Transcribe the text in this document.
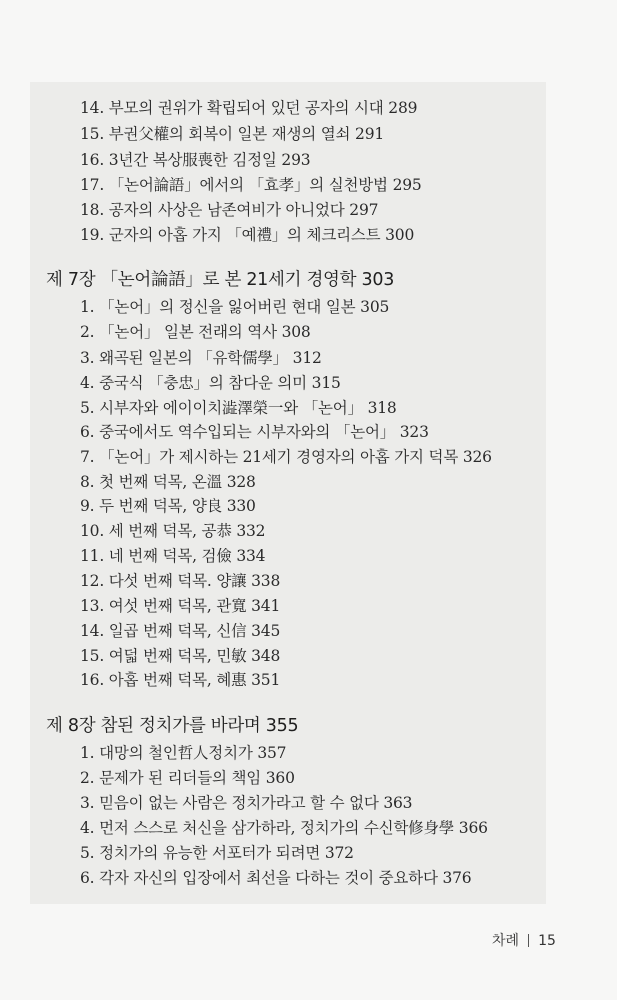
14. 부모의 권위가 확립되어 있던 공자의 시대 289
15. 부권父權의 회복이 일본 재생의 열쇠 291
16. 3년간 복상服喪한 김정일 293
17. 「논어論語」에서의 「효孝」의 실천방법 295
18. 공자의 사상은 남존여비가 아니었다 297
19. 군자의 아홉 가지 「예禮」의 체크리스트 300
제 7장 「논어論語」로 본 21세기 경영학 303
1. 「논어」의 정신을 잃어버린 현대 일본 305
2. 「논어」 일본 전래의 역사 308
3. 왜곡된 일본의 「유학儒學」 312
4. 중국식 「충忠」의 참다운 의미 315
5. 시부자와 에이이치澁澤榮一와 「논어」 318
6. 중국에서도 역수입되는 시부자와의 「논어」 323
7. 「논어」가 제시하는 21세기 경영자의 아홉 가지 덕목 326
8. 첫 번째 덕목, 온溫 328
9. 두 번째 덕목, 양良 330
10. 세 번째 덕목, 공恭 332
11. 네 번째 덕목, 검儉 334
12. 다섯 번째 덕목. 양讓 338
13. 여섯 번째 덕목, 관寬 341
14. 일곱 번째 덕목, 신信 345
15. 여덟 번째 덕목, 민敏 348
16. 아홉 번째 덕목, 혜惠 351
제 8장 참된 정치가를 바라며 355
1. 대망의 철인哲人정치가 357
2. 문제가 된 리더들의 책임 360
3. 믿음이 없는 사람은 정치가라고 할 수 없다 363
4. 먼저 스스로 처신을 삼가하라, 정치가의 수신학修身學 366
5. 정치가의 유능한 서포터가 되려면 372
6. 각자 자신의 입장에서 최선을 다하는 것이 중요하다 376
차례 15
